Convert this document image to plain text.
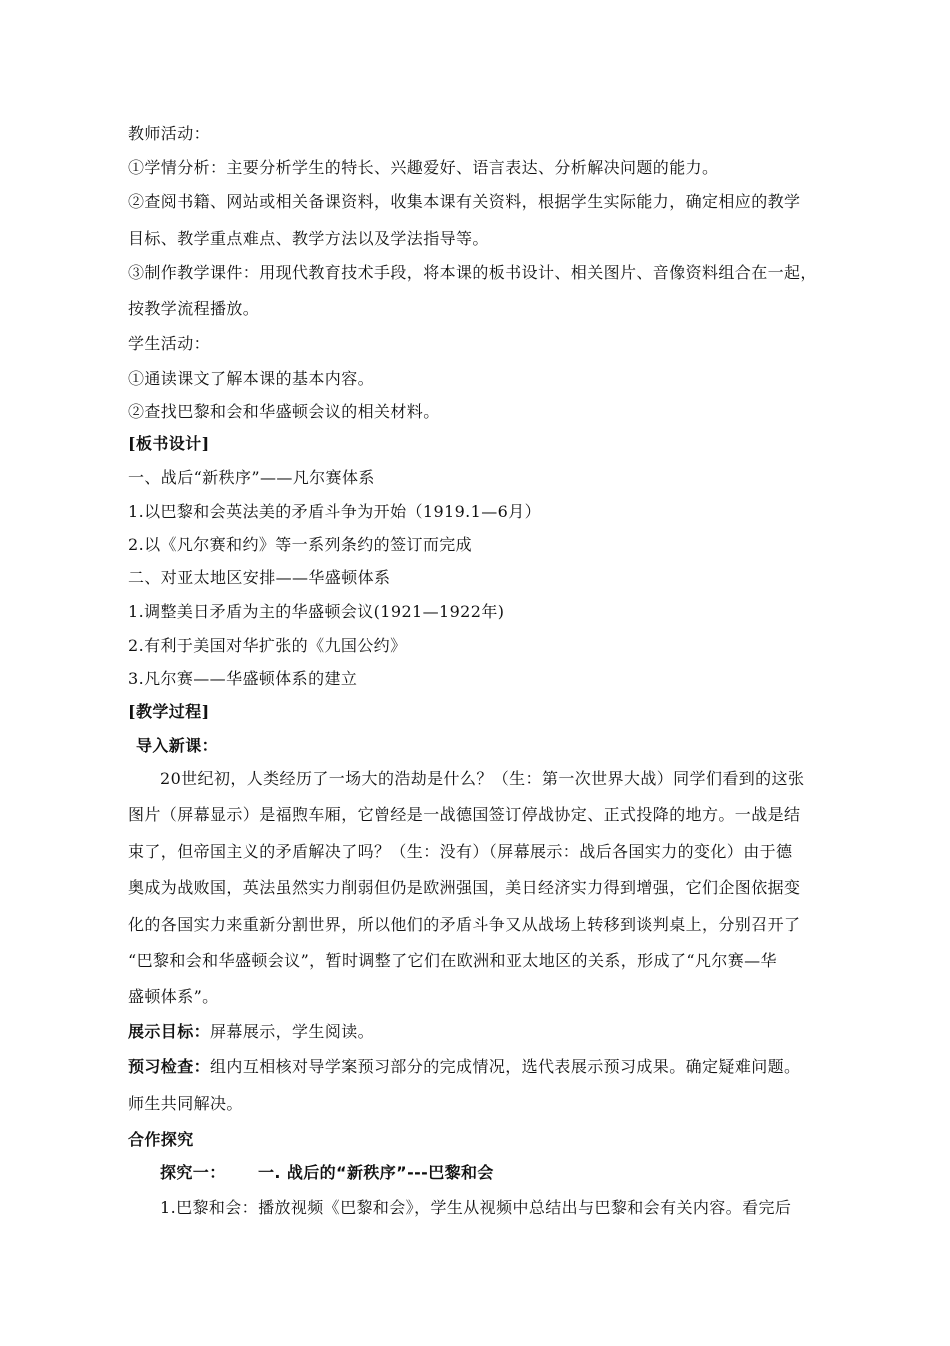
教师活动：
①学情分析：主要分析学生的特长、兴趣爱好、语言表达、分析解决问题的能力。
②查阅书籍、网站或相关备课资料，收集本课有关资料，根据学生实际能力，确定相应的教学
目标、教学重点难点、教学方法以及学法指导等。
③制作教学课件：用现代教育技术手段，将本课的板书设计、相关图片、音像资料组合在一起，
按教学流程播放。
学生活动：
①通读课文了解本课的基本内容。
②查找巴黎和会和华盛顿会议的相关材料。
[板书设计]
一、战后“新秩序”——凡尔赛体系
1.以巴黎和会英法美的矛盾斗争为开始（1919.1—6月）
2.以《凡尔赛和约》等一系列条约的签订而完成
二、对亚太地区安排——华盛顿体系
1.调整美日矛盾为主的华盛顿会议(1921—1922年)
2.有利于美国对华扩张的《九国公约》
3.凡尔赛——华盛顿体系的建立
[教学过程]
导入新课：
20世纪初，人类经历了一场大的浩劫是什么？（生：第一次世界大战）同学们看到的这张
图片（屏幕显示）是福煦车厢，它曾经是一战德国签订停战协定、正式投降的地方。一战是结
束了，但帝国主义的矛盾解决了吗？（生：没有）（屏幕展示：战后各国实力的变化）由于德
奥成为战败国，英法虽然实力削弱但仍是欧洲强国，美日经济实力得到增强，它们企图依据变
化的各国实力来重新分割世界，所以他们的矛盾斗争又从战场上转移到谈判桌上，分别召开了
“巴黎和会和华盛顿会议”，暂时调整了它们在欧洲和亚太地区的关系，形成了“凡尔赛—华
盛顿体系”。
展示目标：屏幕展示，学生阅读。
预习检查：组内互相核对导学案预习部分的完成情况，选代表展示预习成果。确定疑难问题。
师生共同解决。
合作探究
探究一：	一. 战后的“新秩序”---巴黎和会
1.巴黎和会：播放视频《巴黎和会》，学生从视频中总结出与巴黎和会有关内容。看完后
